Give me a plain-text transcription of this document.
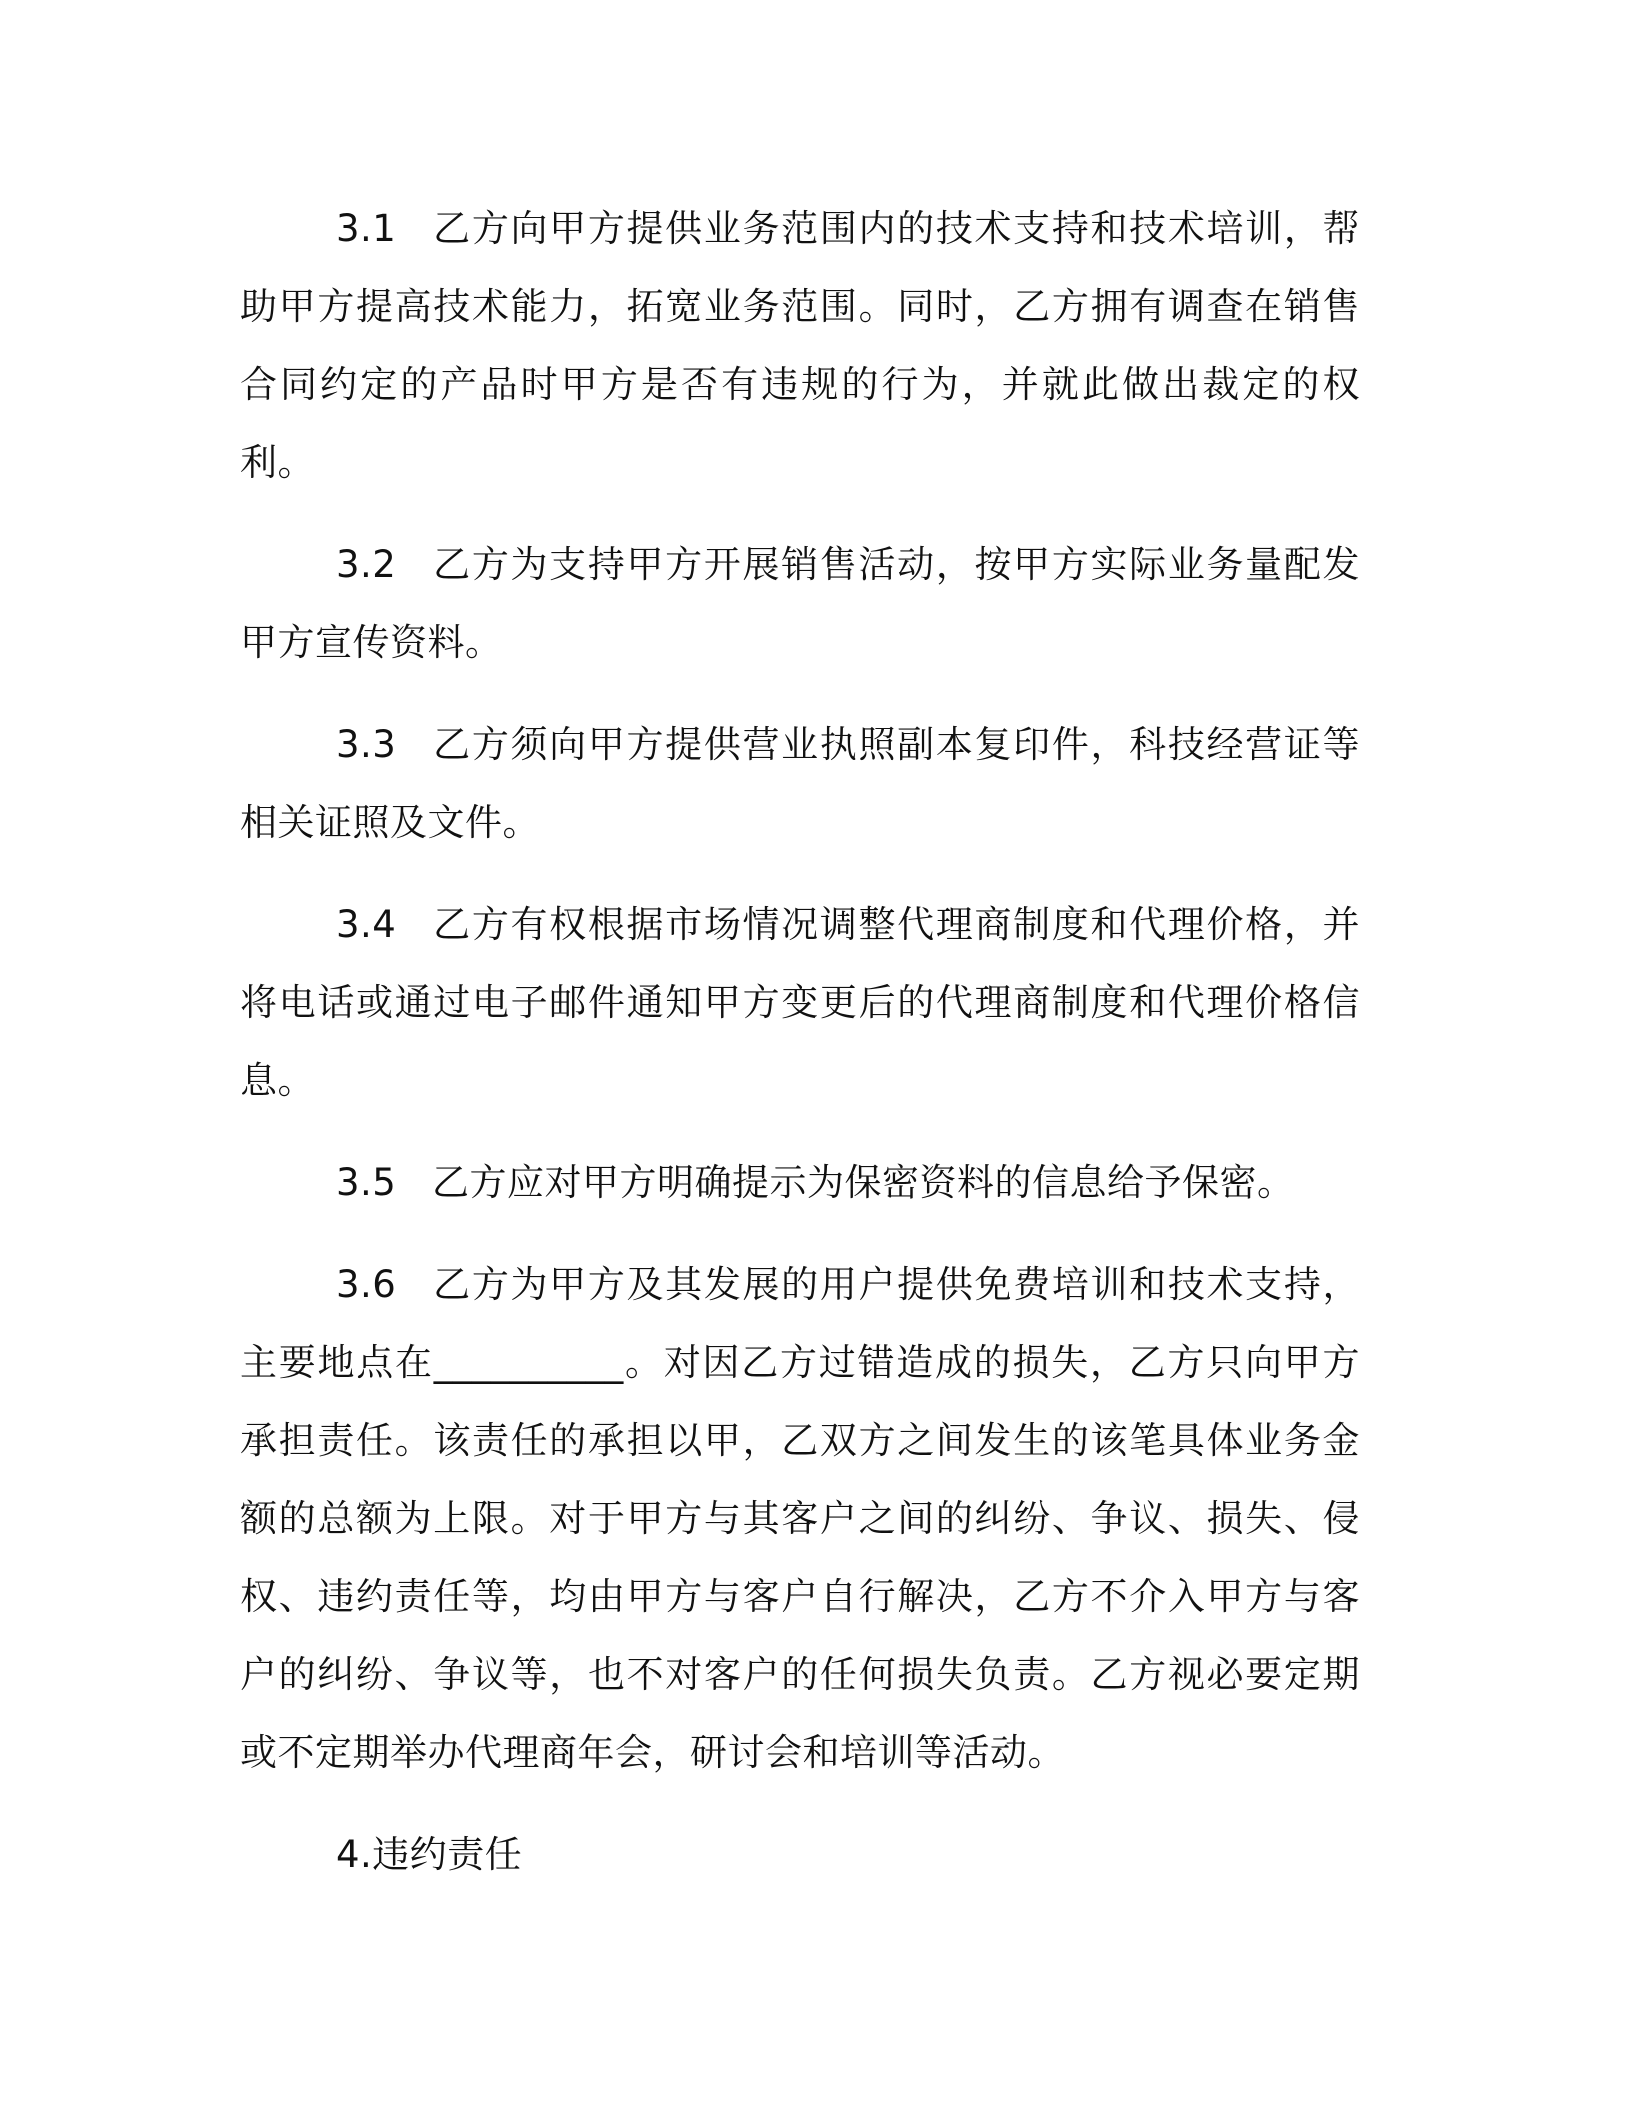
3.1 乙方向甲方提供业务范围内的技术支持和技术培训，帮助甲方提高技术能力，拓宽业务范围。同时，乙方拥有调查在销售合同约定的产品时甲方是否有违规的行为，并就此做出裁定的权利。

3.2 乙方为支持甲方开展销售活动，按甲方实际业务量配发甲方宣传资料。

3.3 乙方须向甲方提供营业执照副本复印件，科技经营证等相关证照及文件。

3.4 乙方有权根据市场情况调整代理商制度和代理价格，并将电话或通过电子邮件通知甲方变更后的代理商制度和代理价格信息。

3.5 乙方应对甲方明确提示为保密资料的信息给予保密。

3.6 乙方为甲方及其发展的用户提供免费培训和技术支持，主要地点在__________。对因乙方过错造成的损失，乙方只向甲方承担责任。该责任的承担以甲，乙双方之间发生的该笔具体业务金额的总额为上限。对于甲方与其客户之间的纠纷、争议、损失、侵权、违约责任等，均由甲方与客户自行解决，乙方不介入甲方与客户的纠纷、争议等，也不对客户的任何损失负责。乙方视必要定期或不定期举办代理商年会，研讨会和培训等活动。

4.违约责任
